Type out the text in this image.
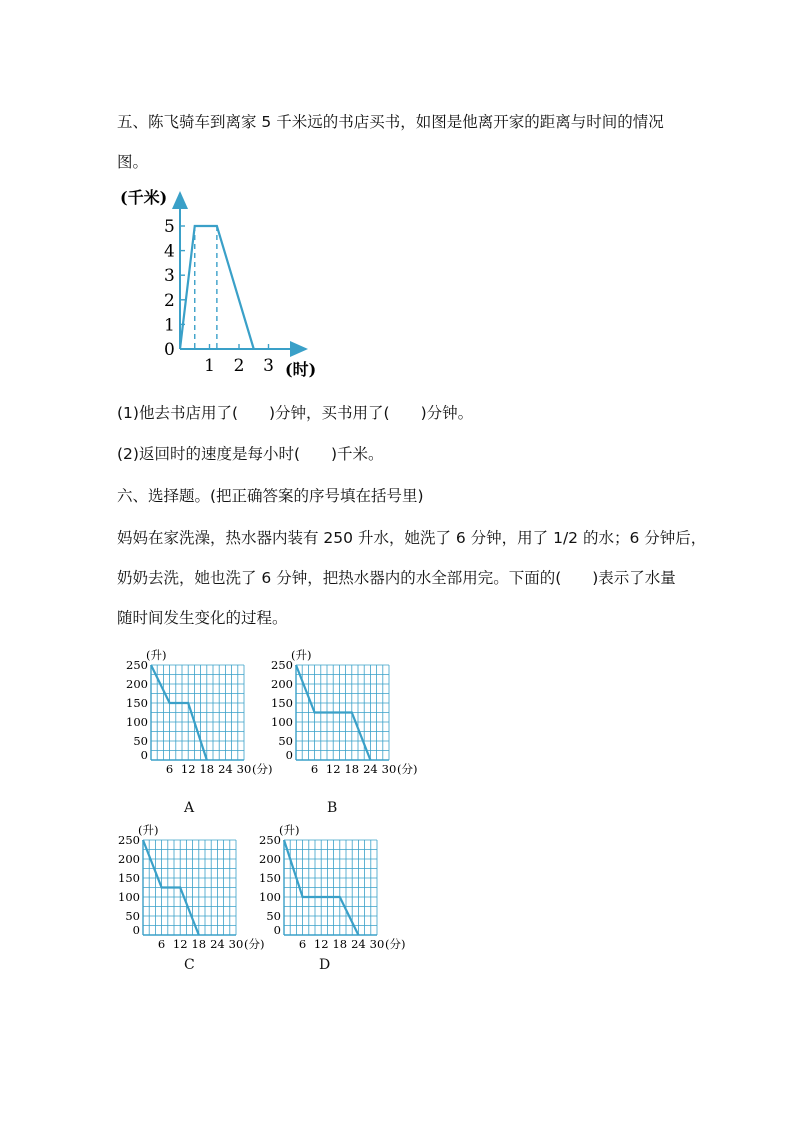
五、陈飞骑车到离家 5 千米远的书店买书，如图是他离开家的距离与时间的情况
图。
0
1
2
3
4
5
1 2 3
(千米)
(时)
0
50
100
150
200
250
6 12 18 24 30
(升)
(分)
0
50
100
150
200
250
6 12 18 24 30
(升)
(分)
0
50
100
150
200
250
6 12 18 24 30
(升)
(分)
0
50
100
150
200
250
6 12 18 24 30
(升)
(分)
(1)他去书店用了(　　)分钟，买书用了(　　)分钟。
(2)返回时的速度是每小时(　　)千米。
六、选择题。(把正确答案的序号填在括号里)
妈妈在家洗澡，热水器内装有 250 升水，她洗了 6 分钟，用了 1/2 的水；6 分钟后，
奶奶去洗，她也洗了 6 分钟，把热水器内的水全部用完。下面的(　　)表示了水量
随时间发生变化的过程。
A	B
C	D
